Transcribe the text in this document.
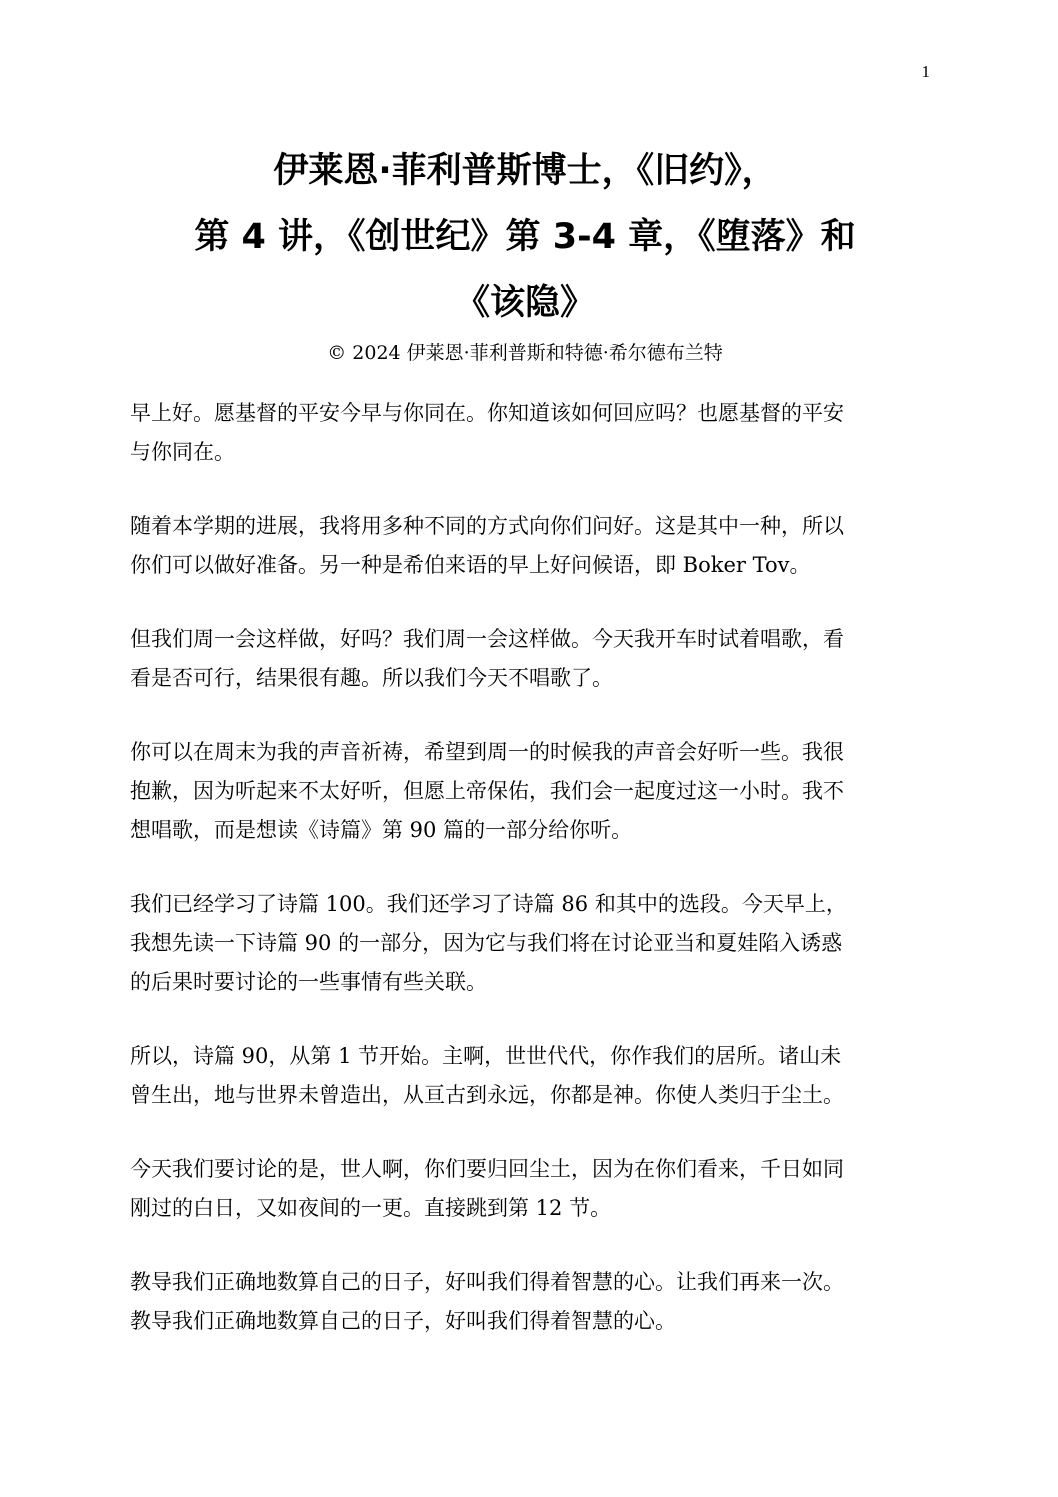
1
伊莱恩·菲利普斯博士，《旧约》，
第 4 讲，《创世纪》第 3-4 章，《堕落》和
《该隐》
© 2024 伊莱恩·菲利普斯和特德·希尔德布兰特

早上好。愿基督的平安今早与你同在。你知道该如何回应吗？也愿基督的平安
与你同在。

随着本学期的进展，我将用多种不同的方式向你们问好。这是其中一种，所以
你们可以做好准备。另一种是希伯来语的早上好问候语，即 Boker Tov。

但我们周一会这样做，好吗？我们周一会这样做。今天我开车时试着唱歌，看
看是否可行，结果很有趣。所以我们今天不唱歌了。

你可以在周末为我的声音祈祷，希望到周一的时候我的声音会好听一些。我很
抱歉，因为听起来不太好听，但愿上帝保佑，我们会一起度过这一小时。我不
想唱歌，而是想读《诗篇》第 90 篇的一部分给你听。

我们已经学习了诗篇 100。我们还学习了诗篇 86 和其中的选段。今天早上，
我想先读一下诗篇 90 的一部分，因为它与我们将在讨论亚当和夏娃陷入诱惑
的后果时要讨论的一些事情有些关联。

所以，诗篇 90，从第 1 节开始。主啊，世世代代，你作我们的居所。诸山未
曾生出，地与世界未曾造出，从亘古到永远，你都是神。你使人类归于尘土。

今天我们要讨论的是，世人啊，你们要归回尘土，因为在你们看来，千日如同
刚过的白日，又如夜间的一更。直接跳到第 12 节。

教导我们正确地数算自己的日子，好叫我们得着智慧的心。让我们再来一次。
教导我们正确地数算自己的日子，好叫我们得着智慧的心。
